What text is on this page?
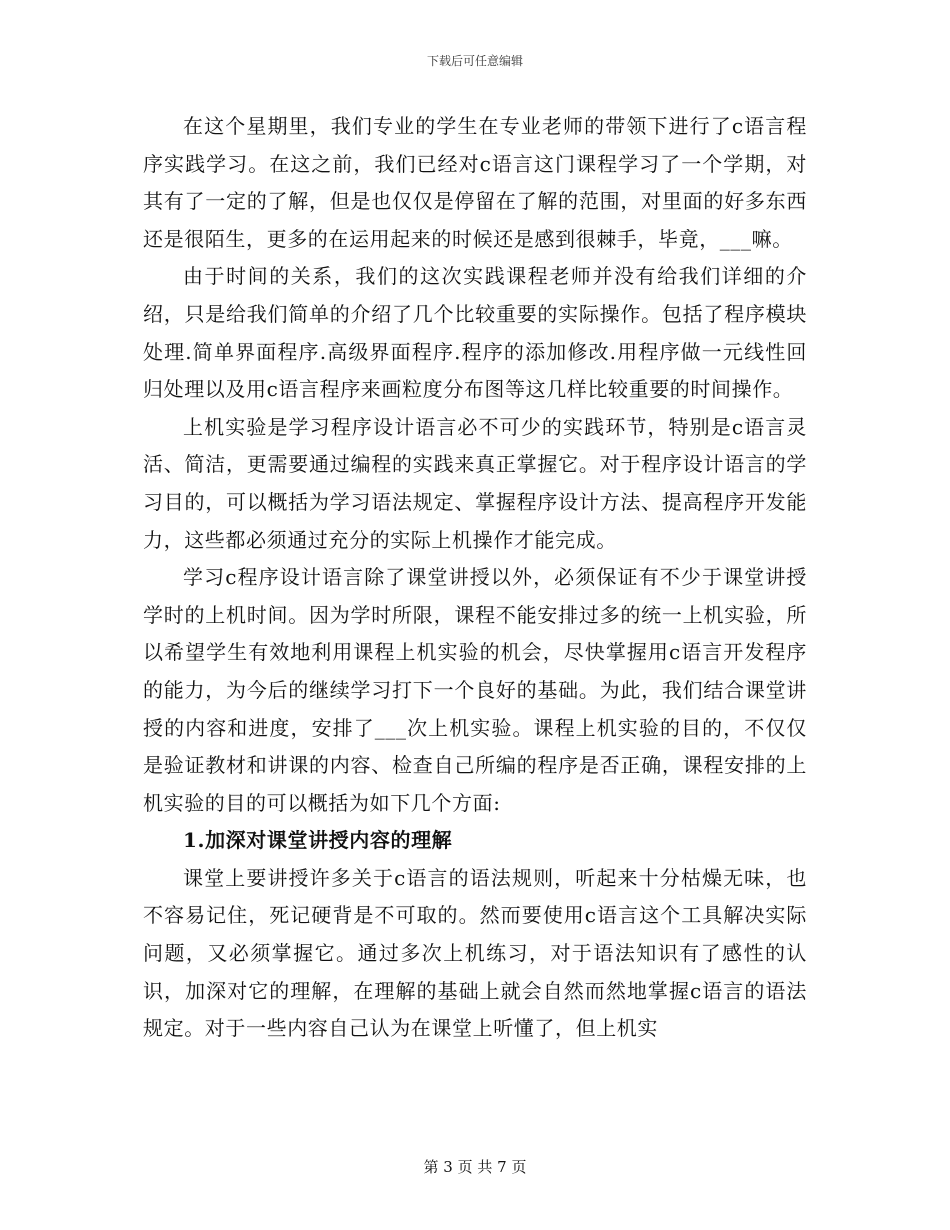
下载后可任意编辑

在这个星期里，我们专业的学生在专业老师的带领下进行了c语言程序实践学习。在这之前，我们已经对c语言这门课程学习了一个学期，对其有了一定的了解，但是也仅仅是停留在了解的范围，对里面的好多东西还是很陌生，更多的在运用起来的时候还是感到很棘手，毕竟，___嘛。

由于时间的关系，我们的这次实践课程老师并没有给我们详细的介绍，只是给我们简单的介绍了几个比较重要的实际操作。包括了程序模块处理.简单界面程序.高级界面程序.程序的添加修改.用程序做一元线性回归处理以及用c语言程序来画粒度分布图等这几样比较重要的时间操作。

上机实验是学习程序设计语言必不可少的实践环节，特别是c语言灵活、简洁，更需要通过编程的实践来真正掌握它。对于程序设计语言的学习目的，可以概括为学习语法规定、掌握程序设计方法、提高程序开发能力，这些都必须通过充分的实际上机操作才能完成。

学习c程序设计语言除了课堂讲授以外，必须保证有不少于课堂讲授学时的上机时间。因为学时所限，课程不能安排过多的统一上机实验，所以希望学生有效地利用课程上机实验的机会，尽快掌握用c语言开发程序的能力，为今后的继续学习打下一个良好的基础。为此，我们结合课堂讲授的内容和进度，安排了___次上机实验。课程上机实验的目的，不仅仅是验证教材和讲课的内容、检查自己所编的程序是否正确，课程安排的上机实验的目的可以概括为如下几个方面:

1.加深对课堂讲授内容的理解

课堂上要讲授许多关于c语言的语法规则，听起来十分枯燥无味，也不容易记住，死记硬背是不可取的。然而要使用c语言这个工具解决实际问题，又必须掌握它。通过多次上机练习，对于语法知识有了感性的认识，加深对它的理解，在理解的基础上就会自然而然地掌握c语言的语法规定。对于一些内容自己认为在课堂上听懂了，但上机实

第 3 页 共 7 页
